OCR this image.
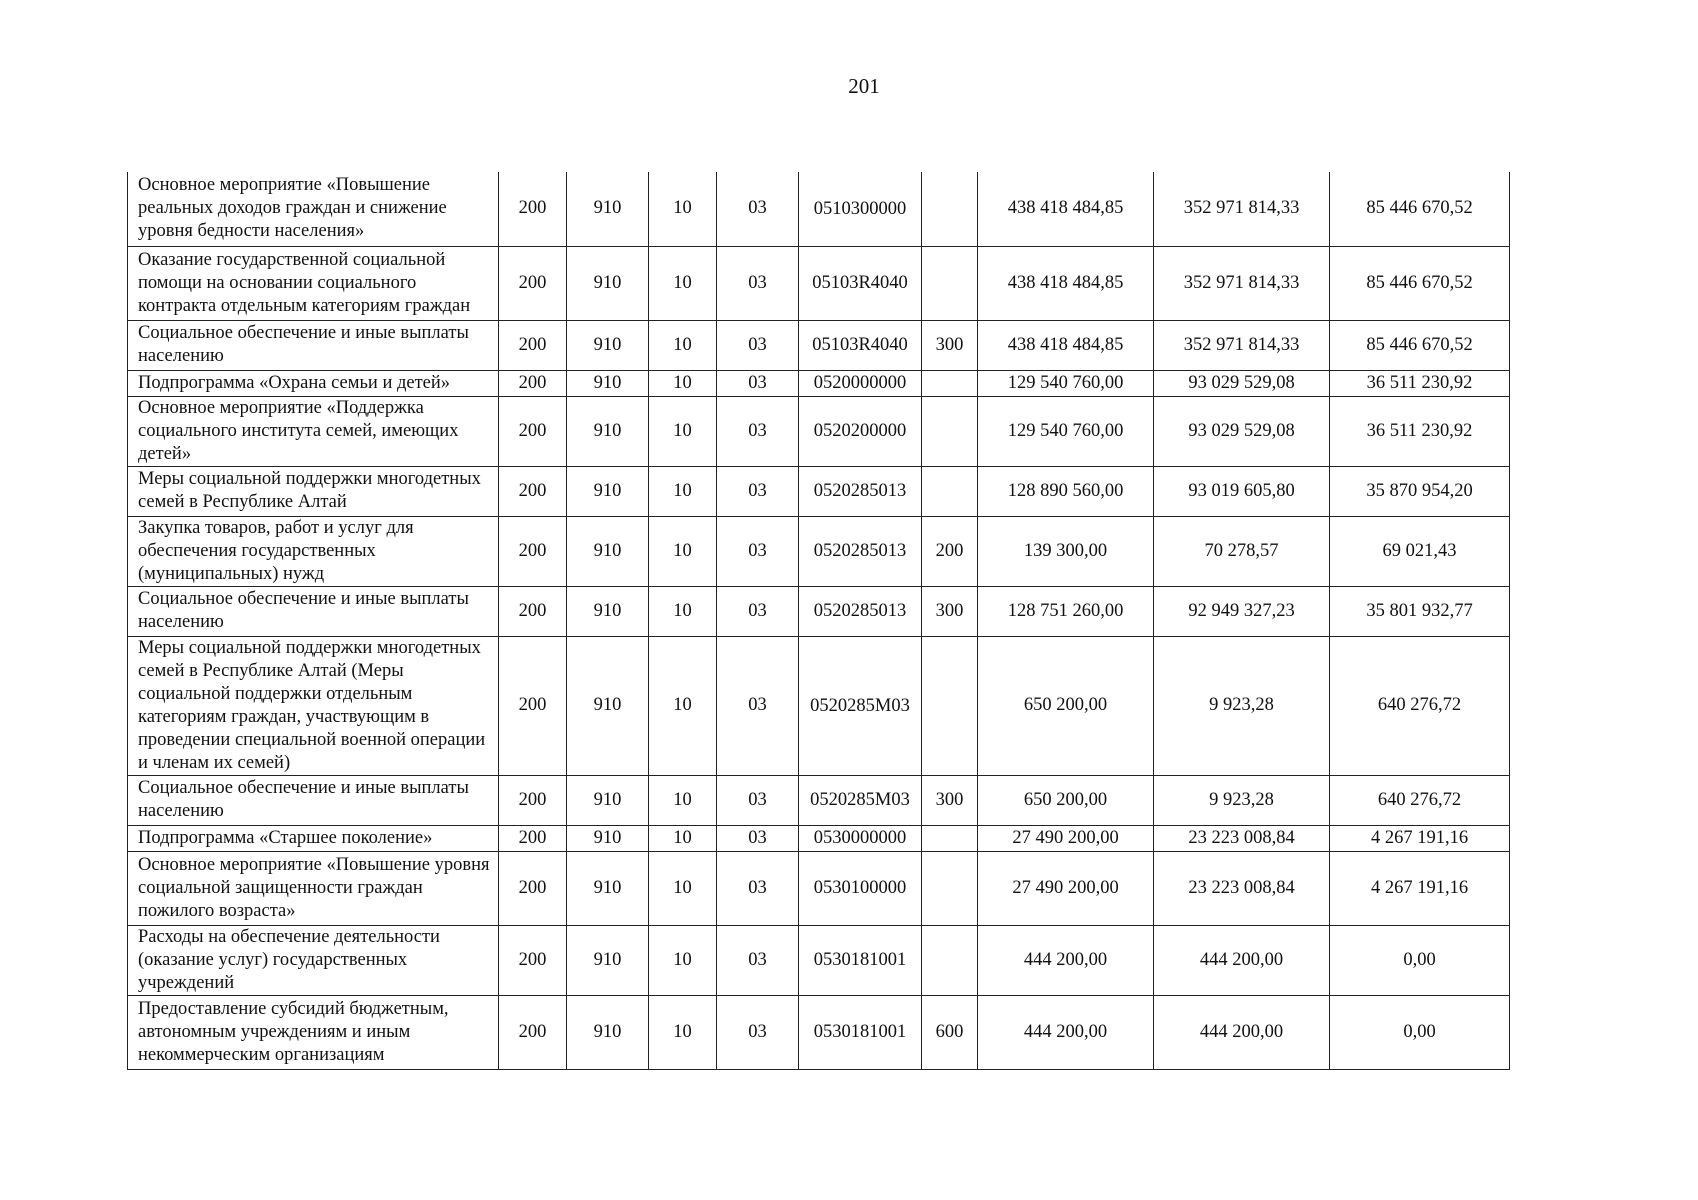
201
Основное мероприятие «Повышение реальных доходов граждан и снижение уровня бедности населения»	200	910	10	03	0510300000		438 418 484,85	352 971 814,33	85 446 670,52
Оказание государственной социальной помощи на основании социального контракта отдельным категориям граждан	200	910	10	03	05103R4040		438 418 484,85	352 971 814,33	85 446 670,52
Социальное обеспечение и иные выплаты населению	200	910	10	03	05103R4040	300	438 418 484,85	352 971 814,33	85 446 670,52
Подпрограмма «Охрана семьи и детей»	200	910	10	03	0520000000		129 540 760,00	93 029 529,08	36 511 230,92
Основное мероприятие «Поддержка социального института семей, имеющих детей»	200	910	10	03	0520200000		129 540 760,00	93 029 529,08	36 511 230,92
Меры социальной поддержки многодетных семей в Республике Алтай	200	910	10	03	0520285013		128 890 560,00	93 019 605,80	35 870 954,20
Закупка товаров, работ и услуг для обеспечения государственных (муниципальных) нужд	200	910	10	03	0520285013	200	139 300,00	70 278,57	69 021,43
Социальное обеспечение и иные выплаты населению	200	910	10	03	0520285013	300	128 751 260,00	92 949 327,23	35 801 932,77
Меры социальной поддержки многодетных семей в Республике Алтай (Меры социальной поддержки отдельным категориям граждан, участвующим в проведении специальной военной операции и членам их семей)	200	910	10	03	0520285М03		650 200,00	9 923,28	640 276,72
Социальное обеспечение и иные выплаты населению	200	910	10	03	0520285М03	300	650 200,00	9 923,28	640 276,72
Подпрограмма «Старшее поколение»	200	910	10	03	0530000000		27 490 200,00	23 223 008,84	4 267 191,16
Основное мероприятие «Повышение уровня социальной защищенности граждан пожилого возраста»	200	910	10	03	0530100000		27 490 200,00	23 223 008,84	4 267 191,16
Расходы на обеспечение деятельности (оказание услуг) государственных учреждений	200	910	10	03	0530181001		444 200,00	444 200,00	0,00
Предоставление субсидий бюджетным, автономным учреждениям и иным некоммерческим организациям	200	910	10	03	0530181001	600	444 200,00	444 200,00	0,00
